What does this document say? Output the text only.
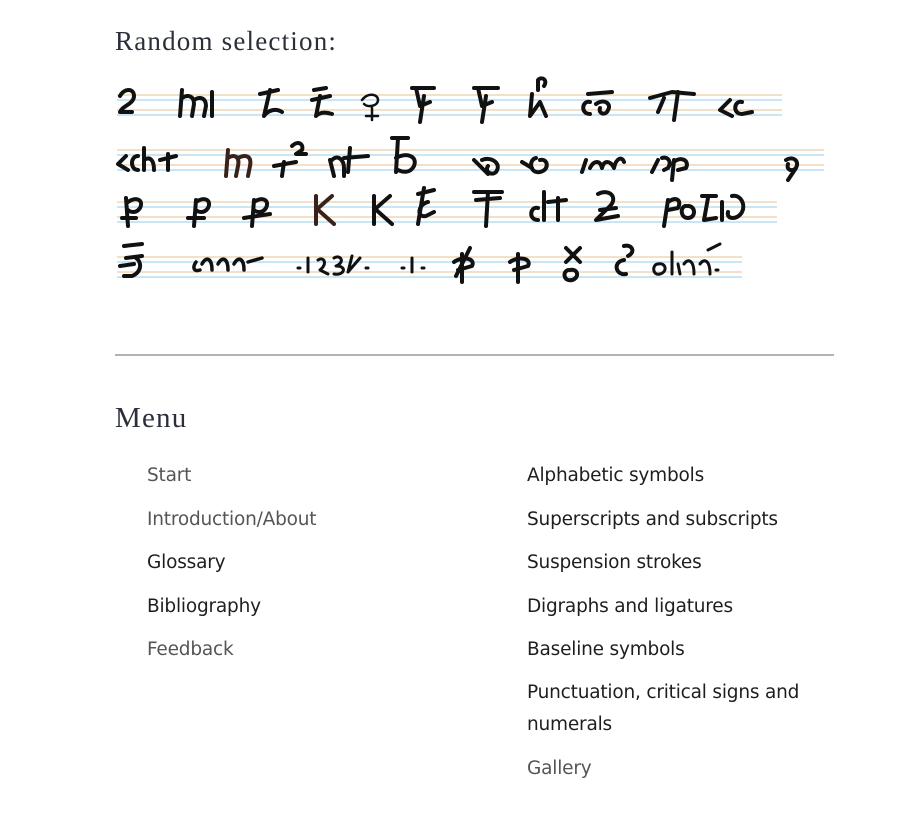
Random selection:
Menu
Start
Introduction/About
Glossary
Bibliography
Feedback
Alphabetic symbols
Superscripts and subscripts
Suspension strokes
Digraphs and ligatures
Baseline symbols
Punctuation, critical signs and numerals
Gallery
